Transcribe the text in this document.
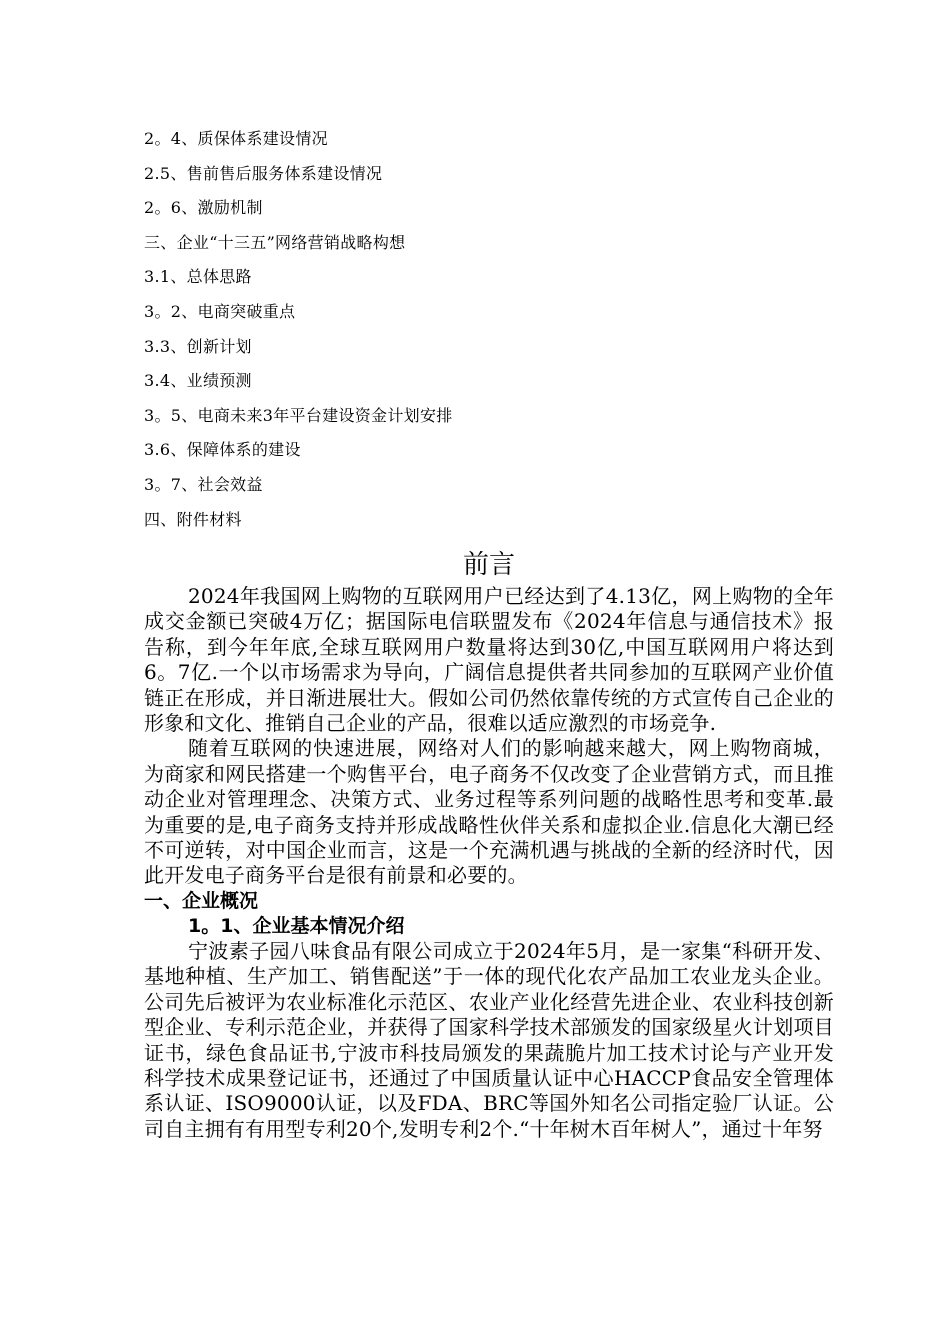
2。4、质保体系建设情况
2.5、售前售后服务体系建设情况
2。6、激励机制
三、企业“十三五”网络营销战略构想
3.1、总体思路
3。2、电商突破重点
3.3、创新计划
3.4、业绩预测
3。5、电商未来3年平台建设资金计划安排
3.6、保障体系的建设
3。7、社会效益
四、附件材料
前言

2024年我国网上购物的互联网用户已经达到了4.13亿，网上购物的全年成交金额已突破4万亿；据国际电信联盟发布《2024年信息与通信技术》报告称，到今年年底,全球互联网用户数量将达到30亿,中国互联网用户将达到6。7亿.一个以市场需求为导向，广阔信息提供者共同参加的互联网产业价值链正在形成，并日渐进展壮大。假如公司仍然依靠传统的方式宣传自己企业的形象和文化、推销自己企业的产品，很难以适应激烈的市场竞争.

随着互联网的快速进展，网络对人们的影响越来越大，网上购物商城，为商家和网民搭建一个购售平台，电子商务不仅改变了企业营销方式，而且推动企业对管理理念、决策方式、业务过程等系列问题的战略性思考和变革.最为重要的是,电子商务支持并形成战略性伙伴关系和虚拟企业.信息化大潮已经不可逆转，对中国企业而言，这是一个充满机遇与挑战的全新的经济时代，因此开发电子商务平台是很有前景和必要的。

一、企业概况

1。1、企业基本情况介绍

宁波素子园八味食品有限公司成立于2024年5月，是一家集“科研开发、基地种植、生产加工、销售配送”于一体的现代化农产品加工农业龙头企业。公司先后被评为农业标准化示范区、农业产业化经营先进企业、农业科技创新型企业、专利示范企业，并获得了国家科学技术部颁发的国家级星火计划项目证书，绿色食品证书,宁波市科技局颁发的果蔬脆片加工技术讨论与产业开发科学技术成果登记证书，还通过了中国质量认证中心HACCP食品安全管理体系认证、ISO9000认证，以及FDA、BRC等国外知名公司指定验厂认证。公司自主拥有有用型专利20个,发明专利2个.“十年树木百年树人”，通过十年努
